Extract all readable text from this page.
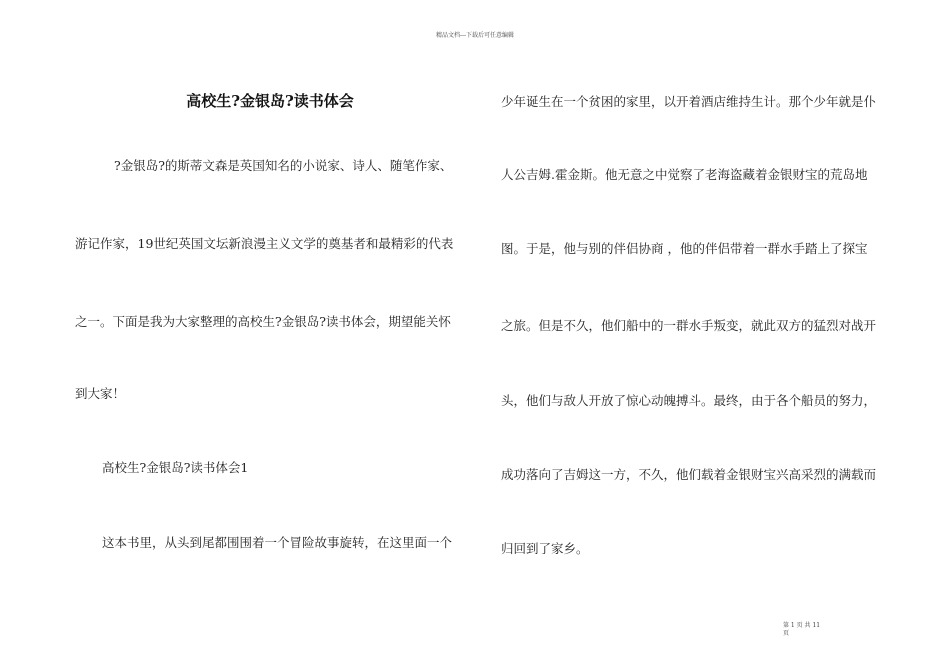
精品文档---下载后可任意编辑
高校生?金银岛?读书体会
?金银岛?的斯蒂文森是英国知名的小说家、诗人、随笔作家、
游记作家，19世纪英国文坛新浪漫主义文学的奠基者和最精彩的代表
之一。下面是我为大家整理的高校生?金银岛?读书体会，期望能关怀
到大家！
高校生?金银岛?读书体会1
这本书里，从头到尾都围围着一个冒险故事旋转，在这里面一个
少年诞生在一个贫困的家里，以开着酒店维持生计。那个少年就是仆
人公吉姆.霍金斯。他无意之中觉察了老海盗藏着金银财宝的荒岛地
图。于是，他与别的伴侣协商 ，他的伴侣带着一群水手踏上了探宝
之旅。但是不久，他们船中的一群水手叛变，就此双方的猛烈对战开
头，他们与敌人开放了惊心动魄搏斗。最终，由于各个船员的努力，
成功落向了吉姆这一方，不久，他们载着金银财宝兴高采烈的满载而
归回到了家乡。
第 1 页 共 11
页
